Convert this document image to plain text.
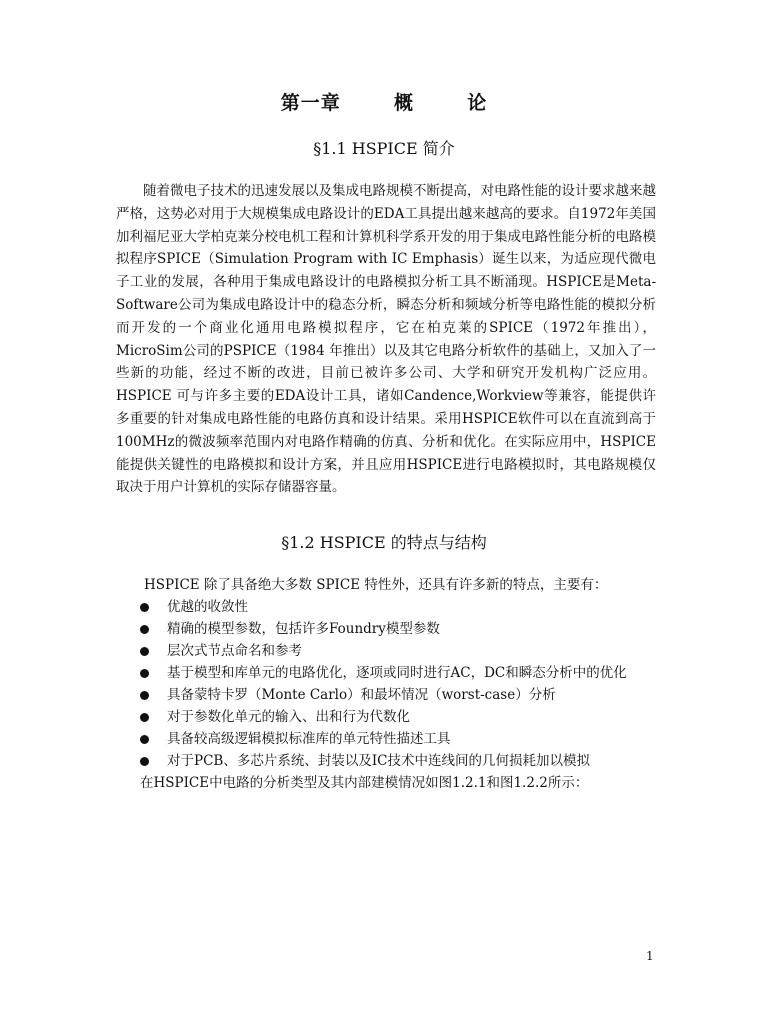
第一章	概	论
§1.1 HSPICE 简介

随着微电子技术的迅速发展以及集成电路规模不断提高，对电路性能的设计要求越来越严格，这势必对用于大规模集成电路设计的EDA工具提出越来越高的要求。自1972年美国加利福尼亚大学柏克莱分校电机工程和计算机科学系开发的用于集成电路性能分析的电路模拟程序SPICE（Simulation Program with IC Emphasis）诞生以来，为适应现代微电子工业的发展，各种用于集成电路设计的电路模拟分析工具不断涌现。HSPICE是Meta-Software公司为集成电路设计中的稳态分析，瞬态分析和频域分析等电路性能的模拟分析而开发的一个商业化通用电路模拟程序，它在柏克莱的SPICE（1972年推出），MicroSim公司的PSPICE（1984 年推出）以及其它电路分析软件的基础上，又加入了一些新的功能，经过不断的改进，目前已被许多公司、大学和研究开发机构广泛应用。HSPICE 可与许多主要的EDA设计工具，诸如Candence,Workview等兼容，能提供许多重要的针对集成电路性能的电路仿真和设计结果。采用HSPICE软件可以在直流到高于100MHz的微波频率范围内对电路作精确的仿真、分析和优化。在实际应用中，HSPICE能提供关键性的电路模拟和设计方案，并且应用HSPICE进行电路模拟时，其电路规模仅取决于用户计算机的实际存储器容量。

§1.2 HSPICE 的特点与结构
HSPICE 除了具备绝大多数 SPICE 特性外，还具有许多新的特点，主要有：
优越的收敛性
精确的模型参数，包括许多Foundry模型参数
层次式节点命名和参考
基于模型和库单元的电路优化，逐项或同时进行AC，DC和瞬态分析中的优化
具备蒙特卡罗（Monte Carlo）和最坏情况（worst-case）分析
对于参数化单元的输入、出和行为代数化
具备较高级逻辑模拟标准库的单元特性描述工具
对于PCB、多芯片系统、封装以及IC技术中连线间的几何损耗加以模拟
在HSPICE中电路的分析类型及其内部建模情况如图1.2.1和图1.2.2所示：
1
